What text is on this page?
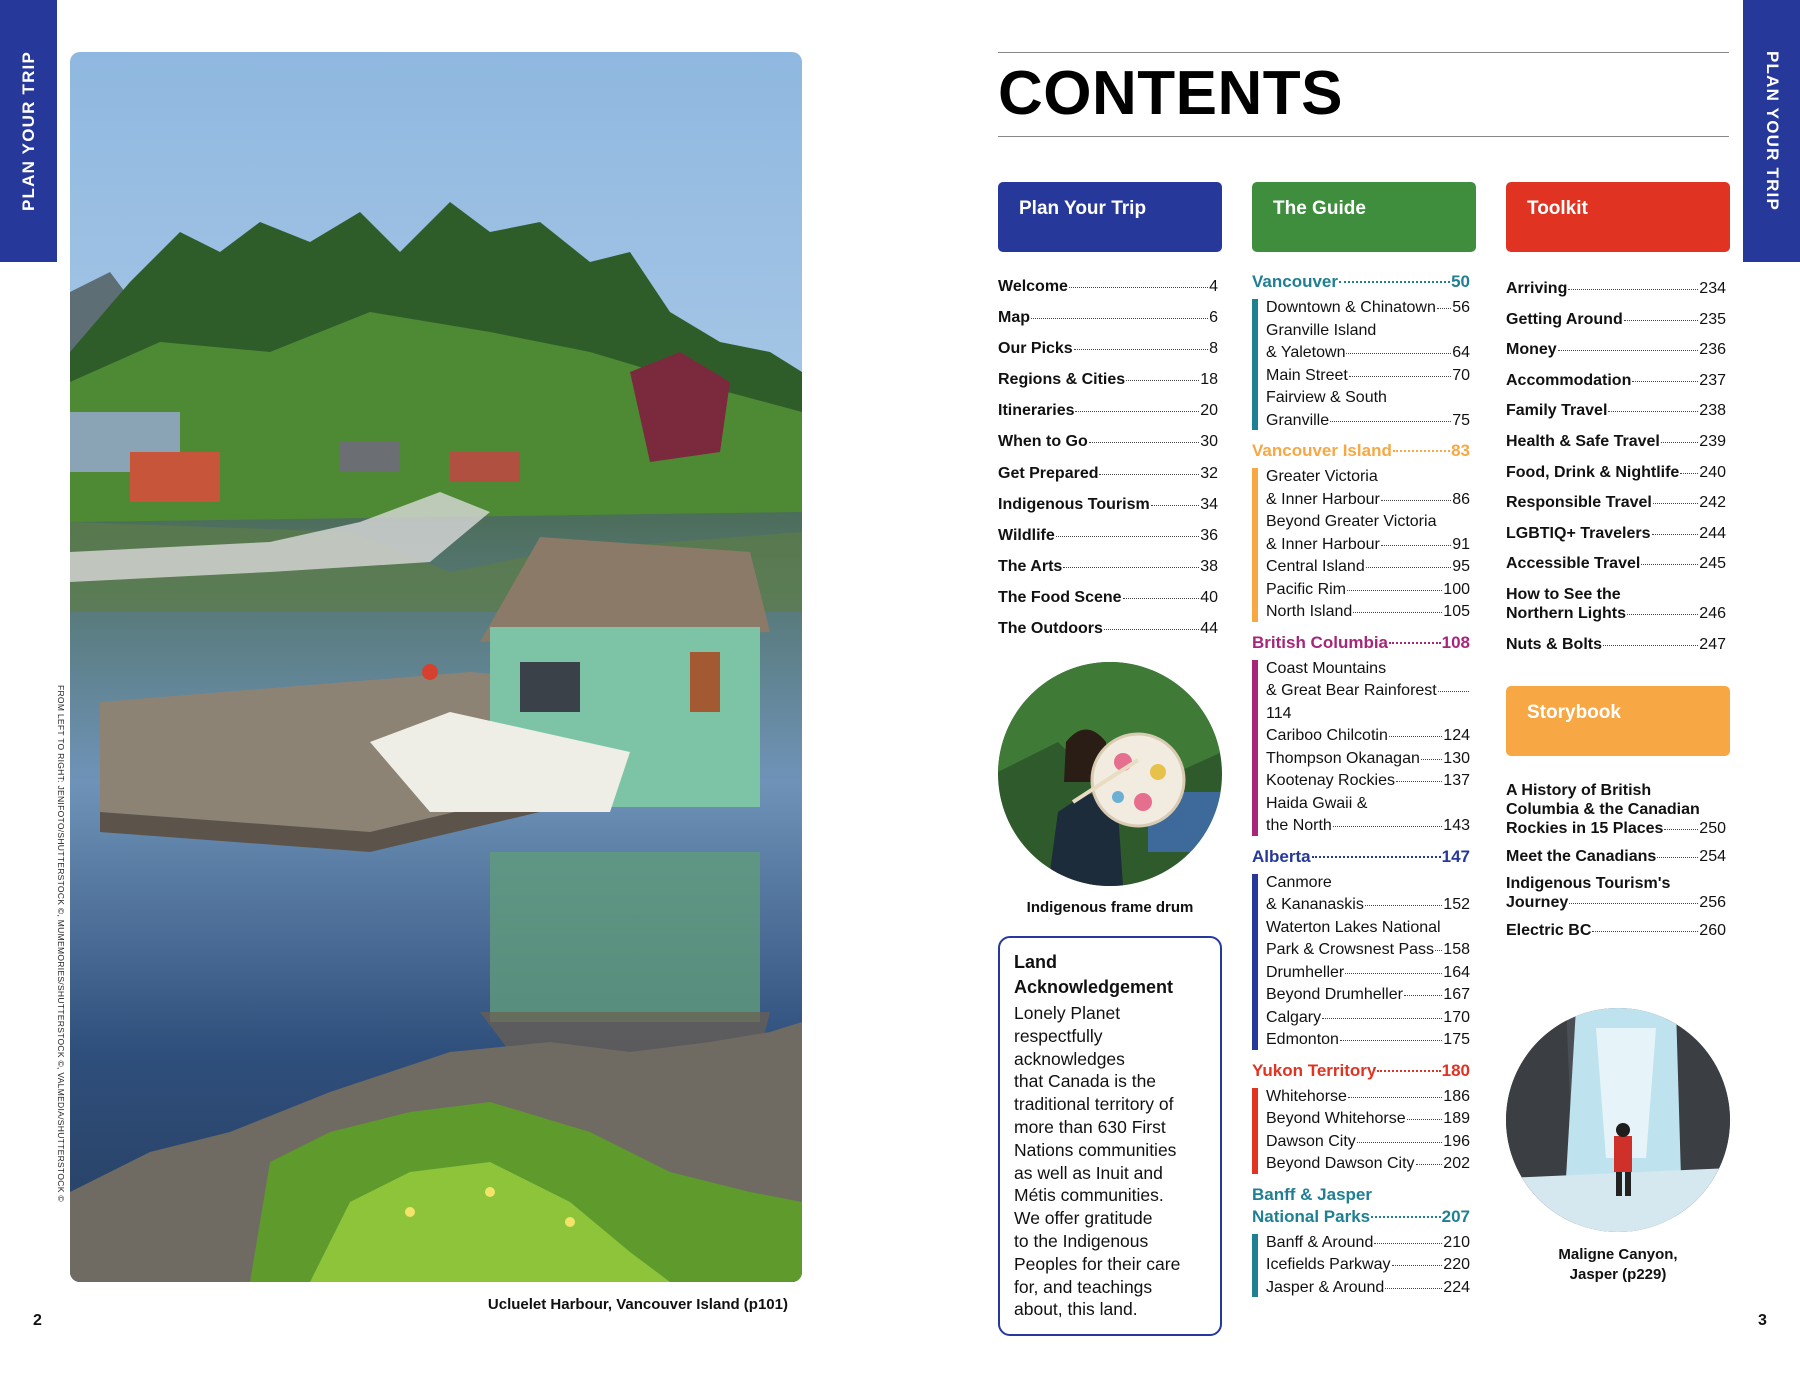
PLAN YOUR TRIP	PLAN YOUR TRIP
2	3
FROM LEFT TO RIGHT: JENIFOTO/SHUTTERSTOCK ©, MUMEMORIES/SHUTTERSTOCK ©, VALMEDIA/SHUTTERSTOCK ©
Ucluelet Harbour, Vancouver Island (p101)
CONTENTS
Plan Your Trip	The Guide	Toolkit
Storybook
Welcome	4
Map	6
Our Picks	8
Regions & Cities	18
Itineraries	20
When to Go	30
Get Prepared	32
Indigenous Tourism	34
Wildlife	36
The Arts	38
The Food Scene	40
The Outdoors	44
Indigenous frame drum
Land
Acknowledgement

Lonely Planet
respectfully
acknowledges
that Canada is the
traditional territory of
more than 630 First
Nations communities
as well as Inuit and
Métis communities.
We offer gratitude
to the Indigenous
Peoples for their care
for, and teachings
about, this land.

Vancouver	50
Downtown & Chinatown 56
Granville Island
& Yaletown	64
Main Street	70
Fairview & South
Granville	75
Vancouver Island	83
Greater Victoria
& Inner Harbour	86
Beyond Greater Victoria
& Inner Harbour	91
Central Island	95
Pacific Rim	100
North Island	105
British Columbia	108
Coast Mountains
& Great Bear Rainforest
114
Cariboo Chilcotin	124
Thompson Okanagan 130
Kootenay Rockies	137
Haida Gwaii &
the North	143
Alberta	147
Canmore
& Kananaskis	152
Waterton Lakes National
Park & Crowsnest Pass 158
Drumheller	164
Beyond Drumheller	167
Calgary	170
Edmonton	175
Yukon Territory	180
Whitehorse	186
Beyond Whitehorse 189
Dawson City	196
Beyond Dawson City 202
Banff & Jasper
National Parks	207
Banff & Around	210
Icefields Parkway	220
Jasper & Around	224
Arriving	234
Getting Around	235
Money	236
Accommodation	237
Family Travel	238
Health & Safe Travel 239
Food, Drink & Nightlife 240
Responsible Travel	242
LGBTIQ+ Travelers	244
Accessible Travel	245
How to See the
Northern Lights	246
Nuts & Bolts	247
A History of British
Columbia & the Canadian
Rockies in 15 Places 250
Meet the Canadians	254
Indigenous Tourism's
Journey	256
Electric BC	260
Maligne Canyon,
Jasper (p229)
